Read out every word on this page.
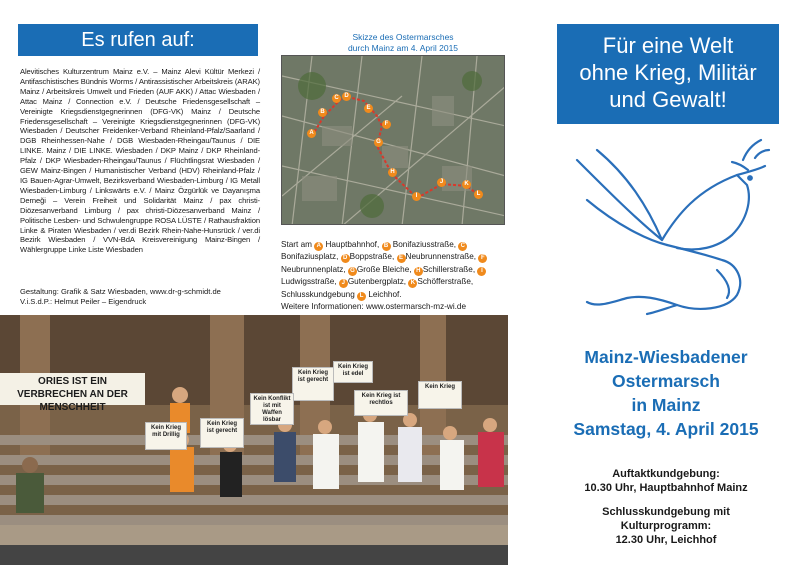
Es rufen auf:

Alevitisches Kulturzentrum Mainz e.V. – Mainz Alevi Kültür Merkezi / Antifaschistisches Bündnis Worms / Antirassistischer Arbeitskreis (ARAK) Mainz / Arbeitskreis Umwelt und Frieden (AUF AKK) / Attac Wiesbaden / Attac Mainz / Connection e.V. / Deutsche Friedensgesellschaft – Vereinigte Kriegsdienstgegnerinnen (DFG-VK) Mainz / Deutsche Friedensgesellschaft – Vereinigte Kriegsdienstgegnerinnen (DFG-VK) Wiesbaden / Deutscher Freidenker-Verband Rheinland-Pfalz/Saarland / DGB Rheinhessen-Nahe / DGB Wiesbaden-Rheingau/Taunus / DIE LINKE. Mainz / DIE LINKE. Wiesbaden / DKP Mainz / DKP Rheinland-Pfalz / DKP Wiesbaden-Rheingau/Taunus / Flüchtlingsrat Wiesbaden / GEW Mainz-Bingen / Humanistischer Verband (HDV) Rheinland-Pfalz / IG Bauen-Agrar-Umwelt, Bezirksverband Wiesbaden-Limburg / IG Metall Wiesbaden-Limburg / Linkswärts e.V. / Mainz Özgürlük ve Dayanışma Derneği – Verein Freiheit und Solidarität Mainz / pax christi-Diözesanverband Limburg / pax christi-Diözesanverband Mainz / Politische Lesben- und Schwulengruppe ROSA LÜSTE / Rathausfraktion Linke & Piraten Wiesbaden / ver.di Bezirk Rhein-Nahe-Hunsrück / ver.di Bezirk Wiesbaden / VVN-BdA Kreisvereinigung Mainz-Bingen / Wählergruppe Linke Liste Wiesbaden

Gestaltung: Grafik & Satz Wiesbaden, www.dr-g-schmidt.de
V.i.S.d.P.: Helmut Peiler – Eigendruck
Skizze des Ostermarsches
durch Mainz am 4. April 2015
A
B
C D
E
F
G
H
I
J	K
L
Start am A Hauptbahnhof, B Bonifaziusstraße, CBonifaziusplatz, D Boppstraße, E Neubrunnenstraße, FNeubrunnenplatz, G Große Bleiche, H Schillerstraße, ILudwigsstraße, J Gutenbergplatz, K Schöfferstraße, Schlusskundgebung L Leichhof.
Weitere Informationen: www.ostermarsch-mz-wi.de
ORIES IST EIN VERBRECHEN AN DER MENSCHHEIT
Kein Krieg mit Drillig
Kein Krieg ist gerecht
Kein Krieg ist edel
Kein Krieg ist gerecht
Kein Krieg ist rechtlos
Kein Krieg
Kein Konflikt ist mit Waffen lösbar
Für eine Welt
ohne Krieg, Militär
und Gewalt!
Mainz-Wiesbadener
Ostermarsch
in Mainz
Samstag, 4. April 2015
Auftaktkundgebung:
10.30 Uhr, Hauptbahnhof Mainz
Schlusskundgebung mit
Kulturprogramm:
12.30 Uhr, Leichhof
